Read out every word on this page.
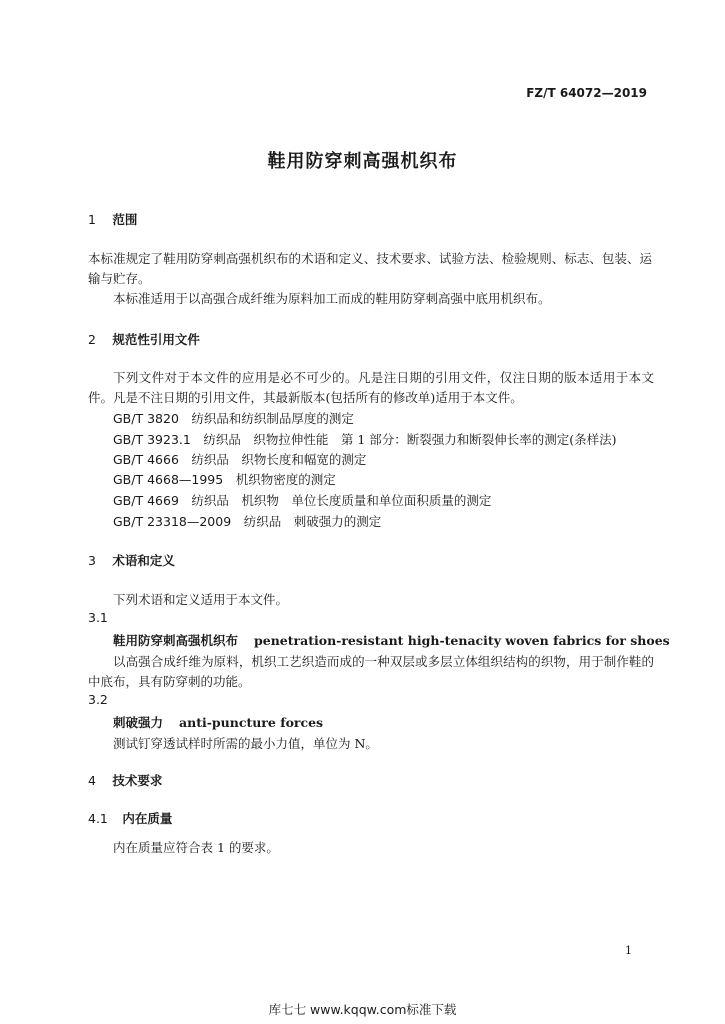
FZ/T 64072—2019
鞋用防穿刺高强机织布
1 范围
本标准规定了鞋用防穿刺高强机织布的术语和定义、技术要求、试验方法、检验规则、标志、包装、运
输与贮存。
本标准适用于以高强合成纤维为原料加工而成的鞋用防穿刺高强中底用机织布。
2 规范性引用文件
下列文件对于本文件的应用是必不可少的。凡是注日期的引用文件，仅注日期的版本适用于本文
件。凡是不注日期的引用文件，其最新版本(包括所有的修改单)适用于本文件。
GB/T 3820　 纺织品和纺织制品厚度的测定
GB/T 3923.1　 纺织品　织物拉伸性能　第 1 部分：断裂强力和断裂伸长率的测定(条样法)
GB/T 4666　 纺织品　织物长度和幅宽的测定
GB/T 4668—1995　 机织物密度的测定
GB/T 4669　 纺织品　机织物　单位长度质量和单位面积质量的测定
GB/T 23318—2009　 纺织品　刺破强力的测定
3 术语和定义
下列术语和定义适用于本文件。
3.1
鞋用防穿刺高强机织布 penetration-resistant high-tenacity woven fabrics for shoes
以高强合成纤维为原料，机织工艺织造而成的一种双层或多层立体组织结构的织物，用于制作鞋的
中底布，具有防穿刺的功能。
3.2
刺破强力 anti-puncture forces
测试钉穿透试样时所需的最小力值，单位为 N。
4 技术要求
4.1 内在质量
内在质量应符合表 1 的要求。
1
库七七 www.kqqw.com标准下载
